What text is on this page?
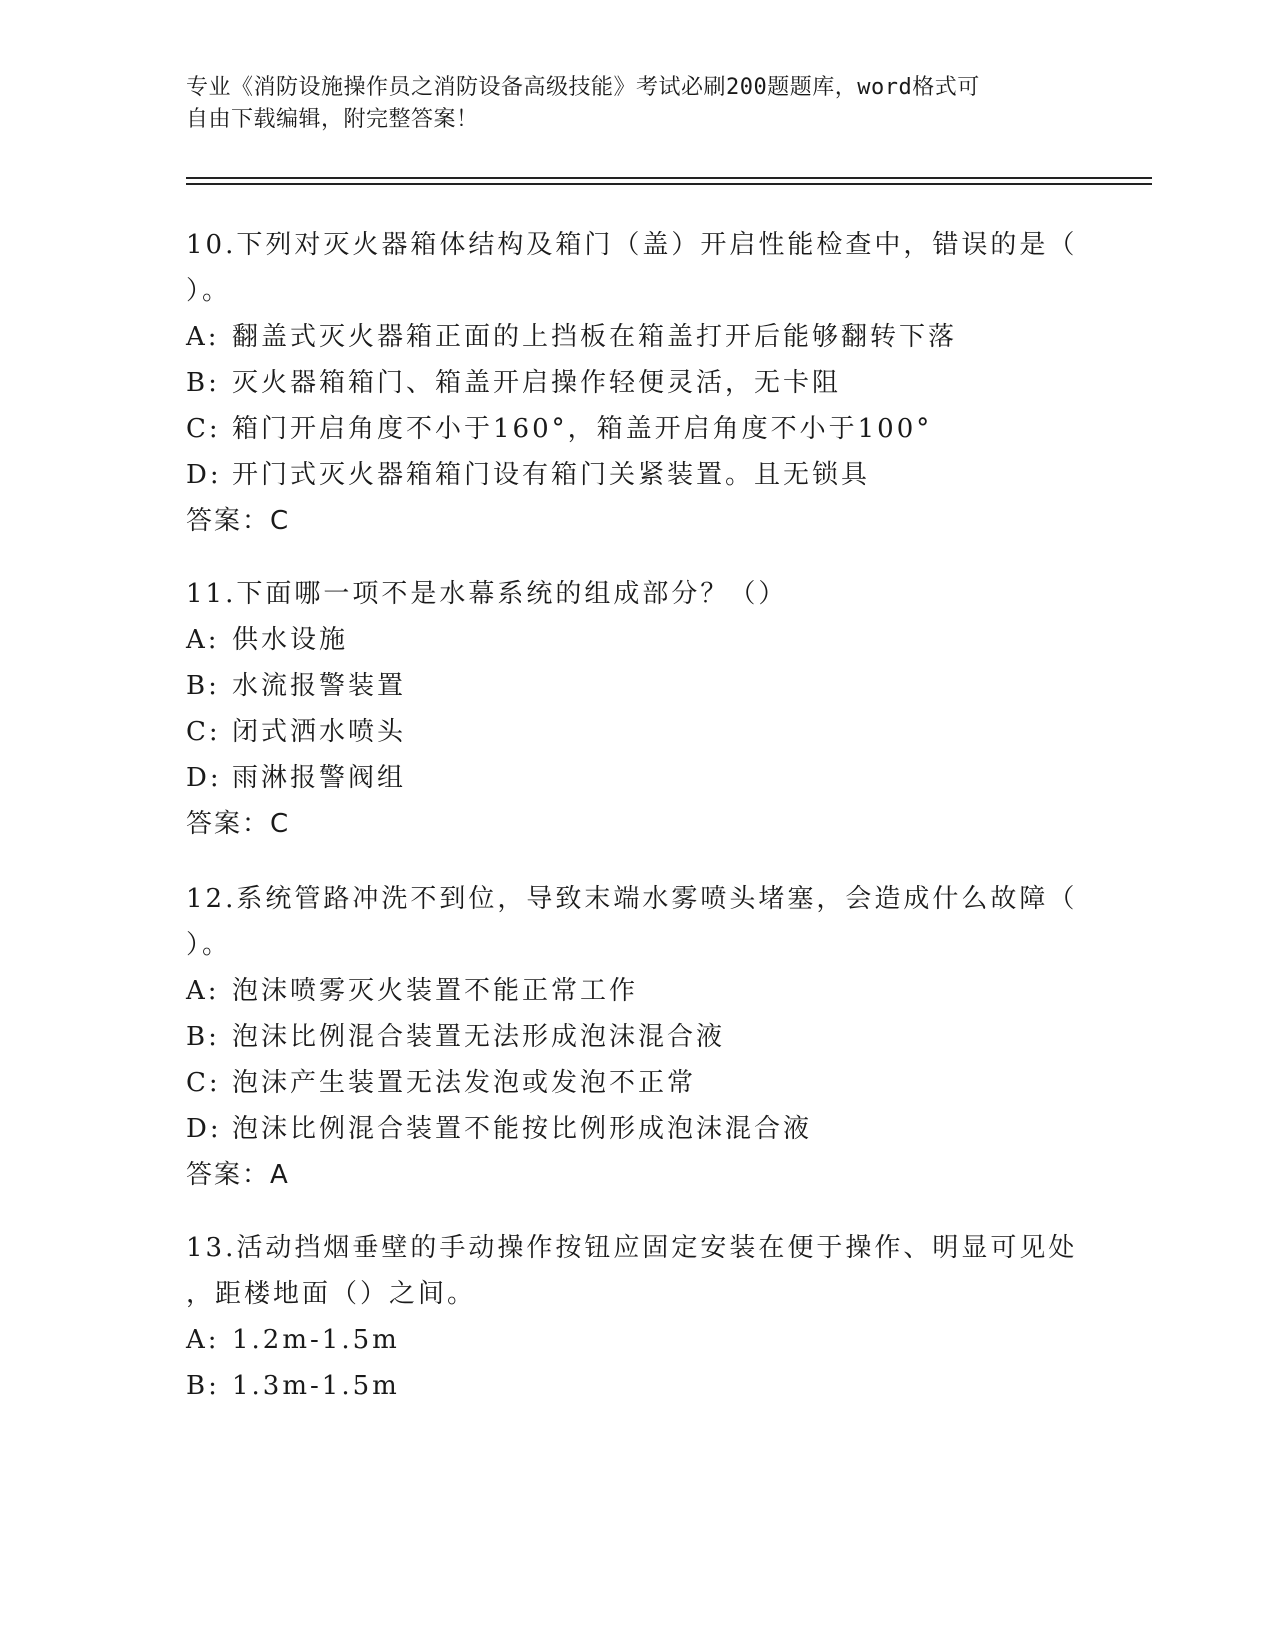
专业《消防设施操作员之消防设备高级技能》考试必刷200题题库，word格式可
自由下载编辑，附完整答案！
10.下列对灭火器箱体结构及箱门（盖）开启性能检查中，错误的是（
）。
A: 翻盖式灭火器箱正面的上挡板在箱盖打开后能够翻转下落
B: 灭火器箱箱门、箱盖开启操作轻便灵活，无卡阻
C: 箱门开启角度不小于160°，箱盖开启角度不小于100°
D: 开门式灭火器箱箱门设有箱门关紧装置。且无锁具
答案：C
11.下面哪一项不是水幕系统的组成部分？（）
A: 供水设施
B: 水流报警装置
C: 闭式洒水喷头
D: 雨淋报警阀组
答案：C
12.系统管路冲洗不到位，导致末端水雾喷头堵塞，会造成什么故障（
）。
A: 泡沫喷雾灭火装置不能正常工作
B: 泡沫比例混合装置无法形成泡沫混合液
C: 泡沫产生装置无法发泡或发泡不正常
D: 泡沫比例混合装置不能按比例形成泡沫混合液
答案：A
13.活动挡烟垂壁的手动操作按钮应固定安装在便于操作、明显可见处
，距楼地面（）之间。
A: 1.2m-1.5m
B: 1.3m-1.5m
